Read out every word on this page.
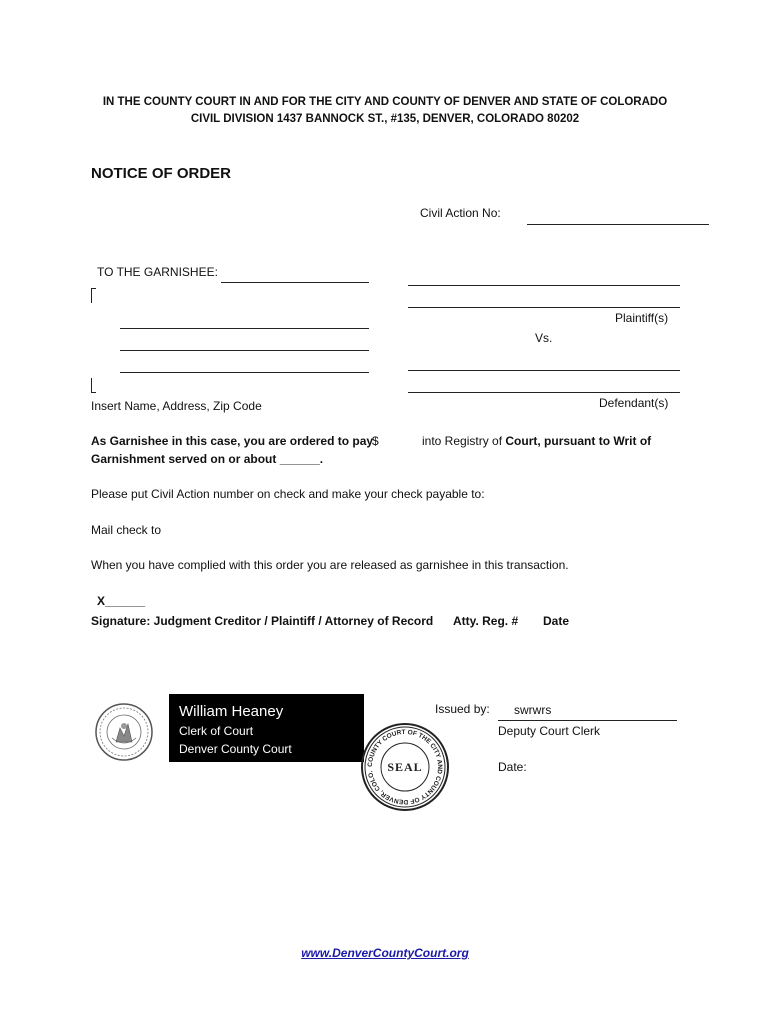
IN THE COUNTY COURT IN AND FOR THE CITY AND COUNTY OF DENVER AND STATE OF COLORADO
CIVIL DIVISION 1437 BANNOCK ST., #135, DENVER, COLORADO 80202
NOTICE OF ORDER
Civil Action No:
TO THE GARNISHEE:
Insert Name, Address, Zip Code
Plaintiff(s)
Vs.
Defendant(s)
As Garnishee in this case, you are ordered to pay
$	into Registry of Court, pursuant to Writ of
Garnishment served on or about ______.
Please put Civil Action number on check and make your check payable to:
Mail check to
When you have complied with this order you are released as garnishee in this transaction.
X______
Signature: Judgment Creditor / Plaintiff / Attorney of Record Atty. Reg. # Date
William Heaney
Clerk of Court
Denver County Court
COUNTY COURT OF THE CITY AND COUNTY OF DENVER, COLO.	SEAL
Issued by: swrwrs
Deputy Court Clerk
Date:
www.DenverCountyCourt.org
